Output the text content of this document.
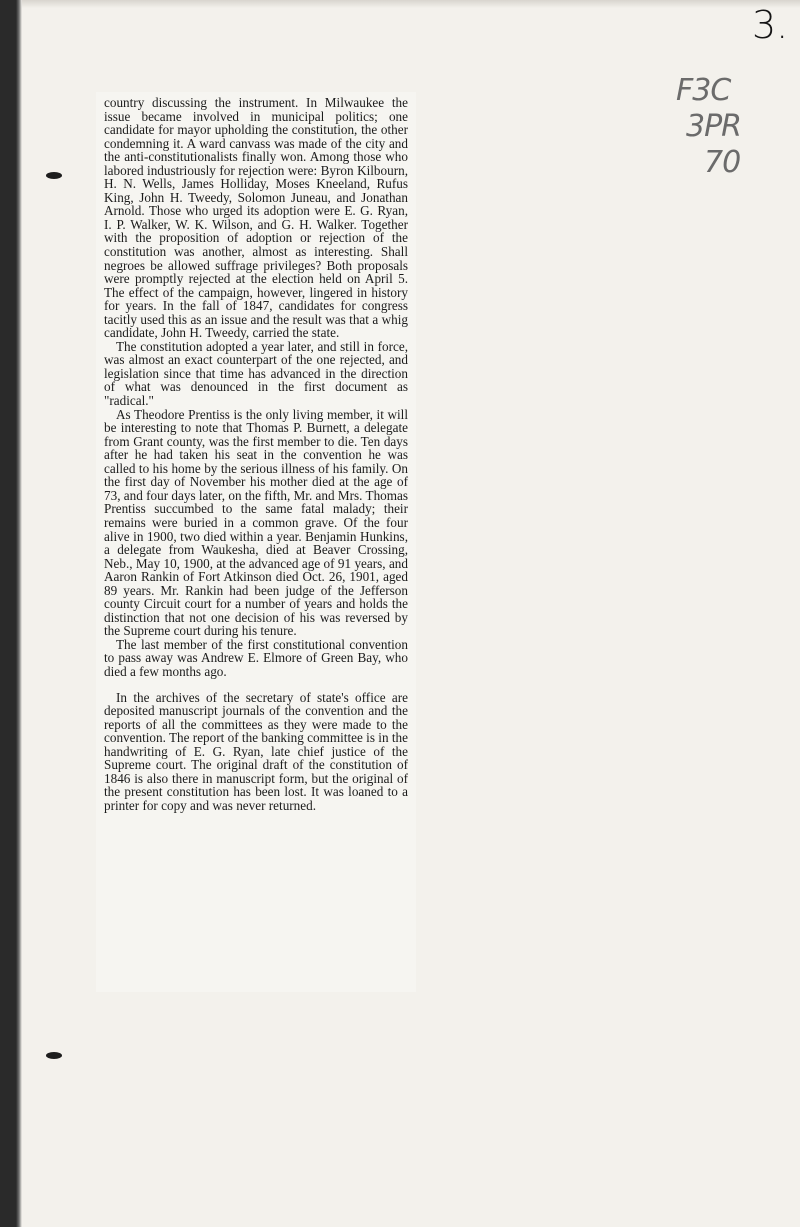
3.
F3C
3PR
70

country discussing the instrument. In Milwaukee the issue became involved in municipal politics; one candidate for mayor upholding the constitution, the other condemning it. A ward canvass was made of the city and the anti-constitutionalists finally won. Among those who labored industriously for rejection were: Byron Kilbourn, H. N. Wells, James Holliday, Moses Kneeland, Rufus King, John H. Tweedy, Solomon Juneau, and Jonathan Arnold. Those who urged its adoption were E. G. Ryan, I. P. Walker, W. K. Wilson, and G. H. Walker. Together with the proposition of adoption or rejection of the constitution was another, almost as interesting. Shall negroes be allowed suffrage privileges? Both proposals were promptly rejected at the election held on April 5. The effect of the campaign, however, lingered in history for years. In the fall of 1847, candidates for congress tacitly used this as an issue and the result was that a whig candidate, John H. Tweedy, carried the state.

The constitution adopted a year later, and still in force, was almost an exact counterpart of the one rejected, and legislation since that time has advanced in the direction of what was denounced in the first document as "radical."

As Theodore Prentiss is the only living member, it will be interesting to note that Thomas P. Burnett, a delegate from Grant county, was the first member to die. Ten days after he had taken his seat in the convention he was called to his home by the serious illness of his family. On the first day of November his mother died at the age of 73, and four days later, on the fifth, Mr. and Mrs. Thomas Prentiss succumbed to the same fatal malady; their remains were buried in a common grave. Of the four alive in 1900, two died within a year. Benjamin Hunkins, a delegate from Waukesha, died at Beaver Crossing, Neb., May 10, 1900, at the advanced age of 91 years, and Aaron Rankin of Fort Atkinson died Oct. 26, 1901, aged 89 years. Mr. Rankin had been judge of the Jefferson county Circuit court for a number of years and holds the distinction that not one decision of his was reversed by the Supreme court during his tenure.

The last member of the first constitutional convention to pass away was Andrew E. Elmore of Green Bay, who died a few months ago.

In the archives of the secretary of state's office are deposited manuscript journals of the convention and the reports of all the committees as they were made to the convention. The report of the banking committee is in the handwriting of E. G. Ryan, late chief justice of the Supreme court. The original draft of the constitution of 1846 is also there in manuscript form, but the original of the present constitution has been lost. It was loaned to a printer for copy and was never returned.
